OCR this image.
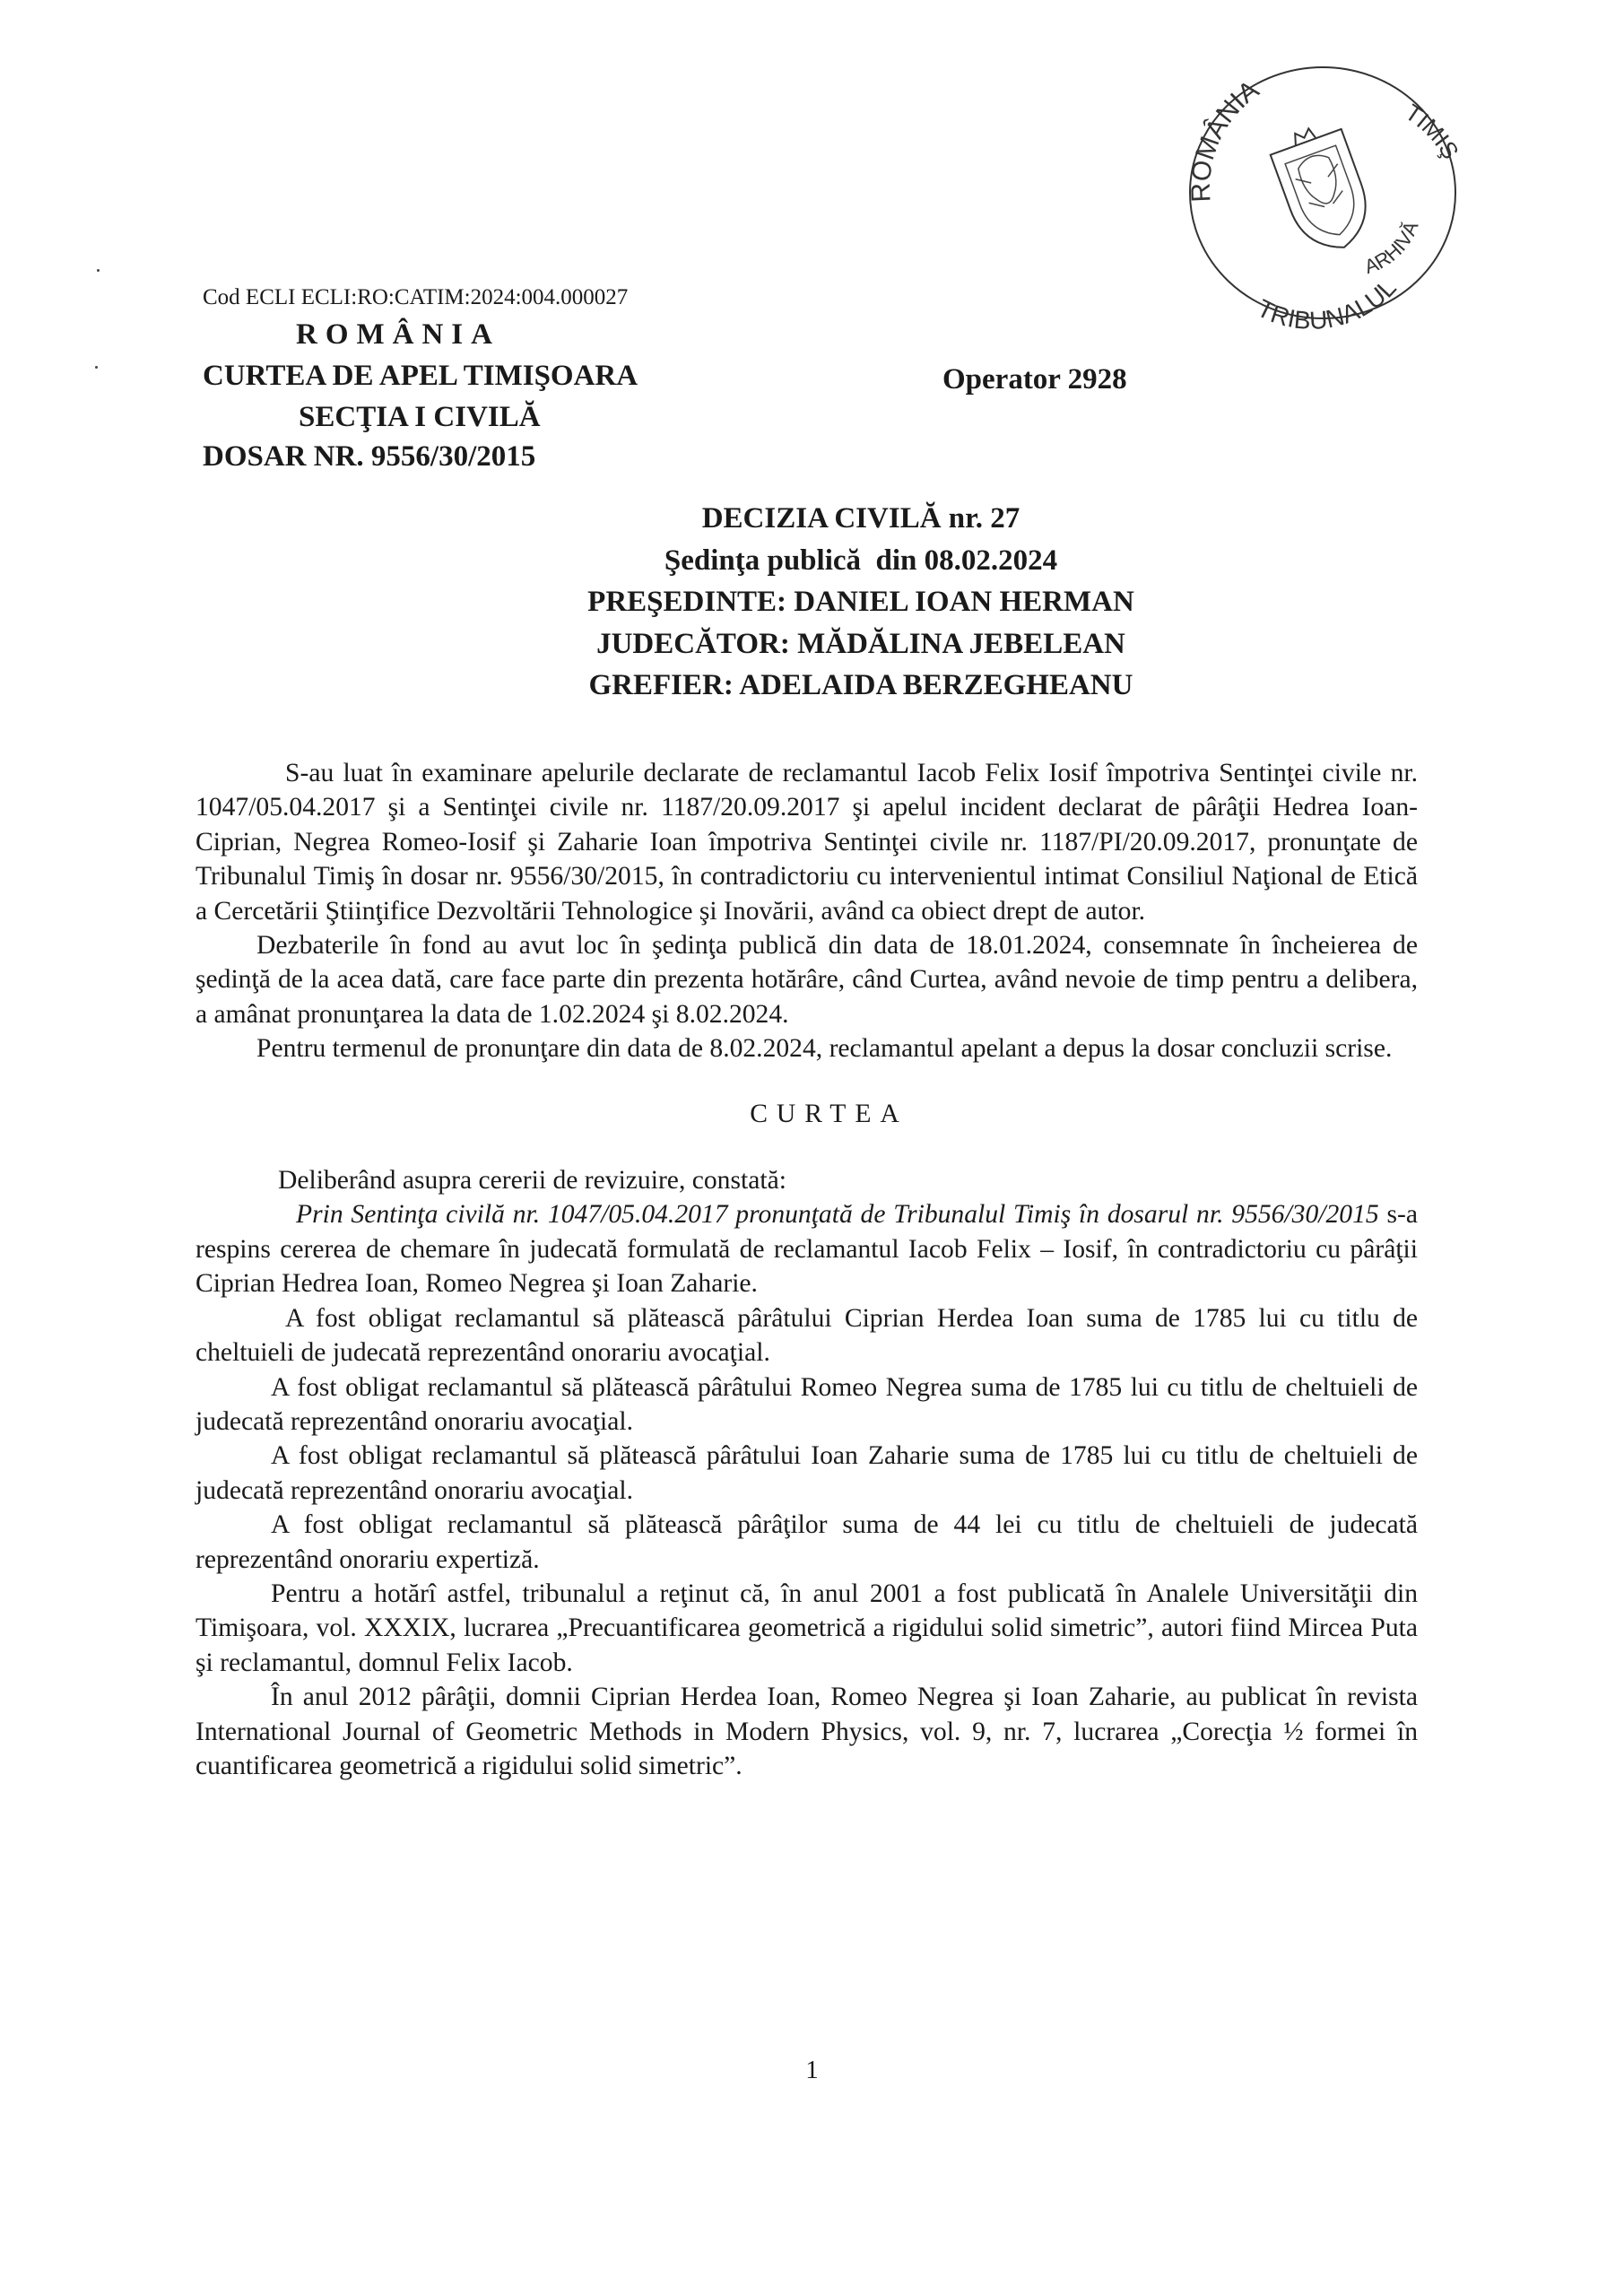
ROMÂNIA
TIMIŞ
ARHIVĂ
TRIBUNALUL
Cod ECLI ECLI:RO:CATIM:2024:004.000027
ROMÂNIA
CURTEA DE APEL TIMIŞOARA
SECŢIA I CIVILĂ
DOSAR NR. 9556/30/2015
Operator 2928
DECIZIA CIVILĂ nr. 27
Şedinţa publică  din 08.02.2024
PREŞEDINTE: DANIEL IOAN HERMAN
JUDECĂTOR: MĂDĂLINA JEBELEAN
GREFIER: ADELAIDA BERZEGHEANU

S-au luat în examinare apelurile declarate de reclamantul Iacob Felix Iosif împotriva Sentinţei civile nr. 1047/05.04.2017 şi a Sentinţei civile nr. 1187/20.09.2017 şi apelul incident declarat de pârâţii Hedrea Ioan-Ciprian, Negrea Romeo-Iosif şi Zaharie Ioan împotriva Sentinţei civile nr. 1187/PI/20.09.2017, pronunţate de Tribunalul Timiş în dosar nr. 9556/30/2015, în contradictoriu cu intervenientul intimat Consiliul Naţional de Etică a Cercetării Ştiinţifice Dezvoltării Tehnologice şi Inovării, având ca obiect drept de autor.

Dezbaterile în fond au avut loc în şedinţa publică din data de 18.01.2024, consemnate în încheierea de şedinţă de la acea dată, care face parte din prezenta hotărâre, când Curtea, având nevoie de timp pentru a delibera, a amânat pronunţarea la data de 1.02.2024 şi 8.02.2024.

Pentru termenul de pronunţare din data de 8.02.2024, reclamantul apelant a depus la dosar concluzii scrise.

CURTEA

Deliberând asupra cererii de revizuire, constată:

Prin Sentinţa civilă nr. 1047/05.04.2017 pronunţată de Tribunalul Timiş în dosarul nr. 9556/30/2015 s-a respins cererea de chemare în judecată formulată de reclamantul Iacob Felix – Iosif, în contradictoriu cu pârâţii Ciprian Hedrea Ioan, Romeo Negrea şi Ioan Zaharie.

A fost obligat reclamantul să plătească pârâtului Ciprian Herdea Ioan suma de 1785 lui cu titlu de cheltuieli de judecată reprezentând onorariu avocaţial.

A fost obligat reclamantul să plătească pârâtului Romeo Negrea suma de 1785 lui cu titlu de cheltuieli de judecată reprezentând onorariu avocaţial.

A fost obligat reclamantul să plătească pârâtului Ioan Zaharie suma de 1785 lui cu titlu de cheltuieli de judecată reprezentând onorariu avocaţial.

A fost obligat reclamantul să plătească pârâţilor suma de 44 lei cu titlu de cheltuieli de judecată reprezentând onorariu expertiză.

Pentru a hotărî astfel, tribunalul a reţinut că, în anul 2001 a fost publicată în Analele Universităţii din Timişoara, vol. XXXIX, lucrarea „Precuantificarea geometrică a rigidului solid simetric”, autori fiind Mircea Puta şi reclamantul, domnul Felix Iacob.

În anul 2012 pârâţii, domnii Ciprian Herdea Ioan, Romeo Negrea şi Ioan Zaharie, au publicat în revista International Journal of Geometric Methods in Modern Physics, vol. 9, nr. 7, lucrarea „Corecţia ½ formei în cuantificarea geometrică a rigidului solid simetric”.

1
